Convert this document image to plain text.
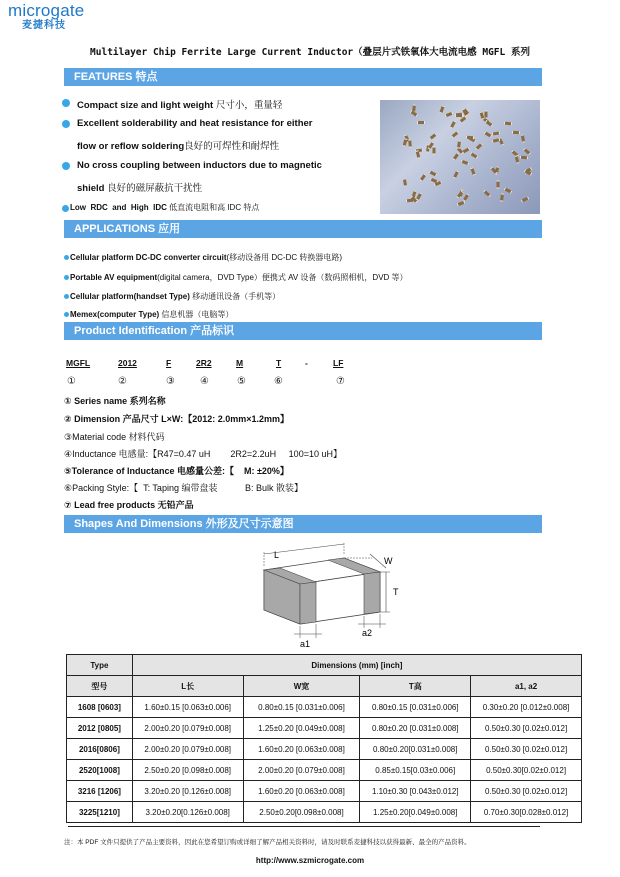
microgate
麦捷科技
Multilayer Chip Ferrite Large Current Inductor（叠层片式铁氧体大电流电感 MGFL 系列
FEATURES 特点
Compact size and light weight 尺寸小，重量轻
Excellent solderability and heat resistance for either
flow or reflow soldering良好的可焊性和耐焊性
No cross coupling between inductors due to magnetic
shield 良好的磁屏蔽抗干扰性
Low  RDC  and  High  IDC 低直流电阻和高 IDC 特点
APPLICATIONS 应用
Cellular platform DC-DC converter circuit(移动设备用 DC-DC 转换器电路)
Portable AV equipment(digital camera，DVD Type）便携式 AV 设备（数码照相机，DVD 等）
Cellular platform(handset Type) 移动通讯设备（手机等）
Memex(computer Type) 信息机器（电脑等）
Product Identification 产品标识
MGFL	2012	F	2R2	M	T	-	LF
①	②	③	④	⑤	⑥	⑦
① Series name 系列名称
② Dimension 产品尺寸 L×W:【2012: 2.0mm×1.2mm】
③Material code 材料代码
④Inductance 电感量:【R47=0.47 uH        2R2=2.2uH     100=10 uH】
⑤Tolerance of Inductance 电感量公差:【    M: ±20%】
⑥Packing Style:【  T: Taping 编带盘装           B: Bulk 散装】
⑦ Lead free products 无铅产品
Shapes And Dimensions 外形及尺寸示意图
L
W
T
a1
a2
Type	Dimensions (mm) [inch]			
型号	L长	W宽	T高	a1, a2
1608 [0603]	1.60±0.15 [0.063±0.006]	0.80±0.15 [0.031±0.006]	0.80±0.15 [0.031±0.006]	0.30±0.20 [0.012±0.008]
2012 [0805]	2.00±0.20 [0.079±0.008]	1.25±0.20 [0.049±0.008]	0.80±0.20 [0.031±0.008]	0.50±0.30 [0.02±0.012]
2016[0806]	2.00±0.20 [0.079±0.008]	1.60±0.20 [0.063±0.008]	0.80±0.20[0.031±0.008]	0.50±0.30 [0.02±0.012]
2520[1008]	2.50±0.20 [0.098±0.008]	2.00±0.20 [0.079±0.008]	0.85±0.15[0.03±0.006]	0.50±0.30[0.02±0.012]
3216 [1206]	3.20±0.20 [0.126±0.008]	1.60±0.20 [0.063±0.008]	1.10±0.30 [0.043±0.012]	0.50±0.30 [0.02±0.012]
3225[1210]	3.20±0.20[0.126±0.008]	2.50±0.20[0.098±0.008]	1.25±0.20[0.049±0.008]	0.70±0.30[0.028±0.012]
注：本 PDF 文件只提供了产品主要资料，因此在您希望订购或详细了解产品相关资料时，请及时联系麦捷科技以获得最新、最全的产品资料。
http://www.szmicrogate.com
